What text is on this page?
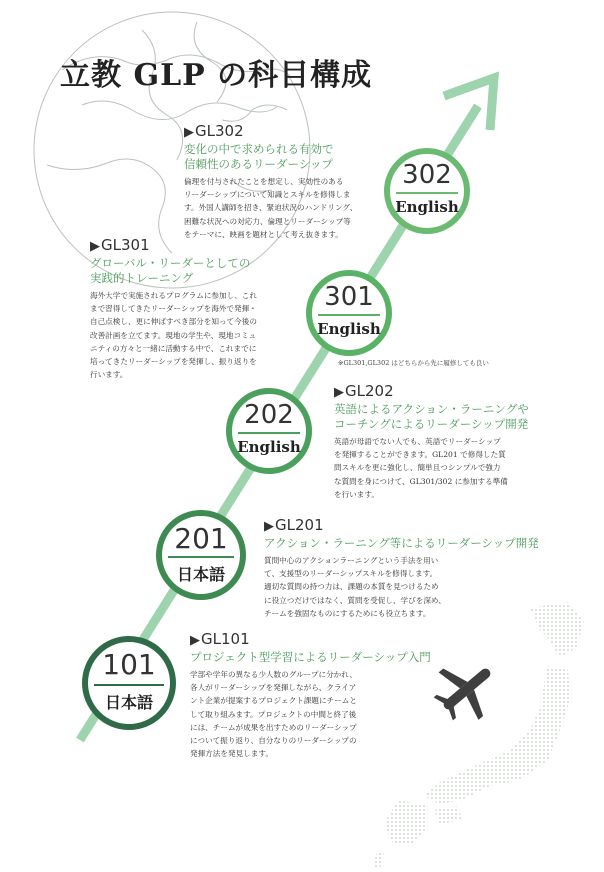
立教 GLP の科目構成
302
English
301
English
202
English
201
日本語
101
日本語
▶GL302
変化の中で求められる有効で
信頼性のあるリーダーシップ
倫理を付与されたことを想定し、実効性のある
リーダーシップについて知識とスキルを修得しま
す。外国人講師を招き、緊迫状況のハンドリング、
困難な状況への対応力、倫理とリーダーシップ等
をテーマに、映画を題材として考え抜きます。
▶GL301
グローバル・リーダーとしての
実践的トレーニング
海外大学で実施されるプログラムに参加し、これ
まで習得してきたリーダーシップを海外で発揮・
自己点検し、更に伸ばすべき部分を知って今後の
改善計画を立てます。現地の学生や、現地コミュ
ニティの方々と一緒に活動する中で、これまでに
培ってきたリーダーシップを発揮し、振り返りを
行います。
※GL301,GL302 はどちらから先に履修しても良い
▶GL202
英語によるアクション・ラーニングや
コーチングによるリーダーシップ開発
英語が母語でない人でも、英語でリーダーシップ
を発揮することができます。GL201 で修得した質
問スキルを更に強化し、簡単且つシンプルで強力
な質問を身につけて、GL301/302 に参加する準備
を行います。
▶GL201
アクション・ラーニング等によるリーダーシップ開発
質問中心のアクションラーニングという手法を用い
て、支援型のリーダーシップスキルを修得します。
適切な質問の持つ力は、課題の本質を見つけるため
に役立つだけではなく、質問を受促し、学びを深め、
チームを強固なものにするためにも役立ちます。
▶GL101
プロジェクト型学習によるリーダーシップ入門
学部や学年の異なる少人数のグループに分かれ、
各人がリーダーシップを発揮しながら、クライア
ント企業が提案するプロジェクト課題にチームと
して取り組みます。プロジェクトの中間と終了後
には、チームが成果を出すためのリーダーシップ
について振り返り、自分なりのリーダーシップの
発揮方法を発見します。
